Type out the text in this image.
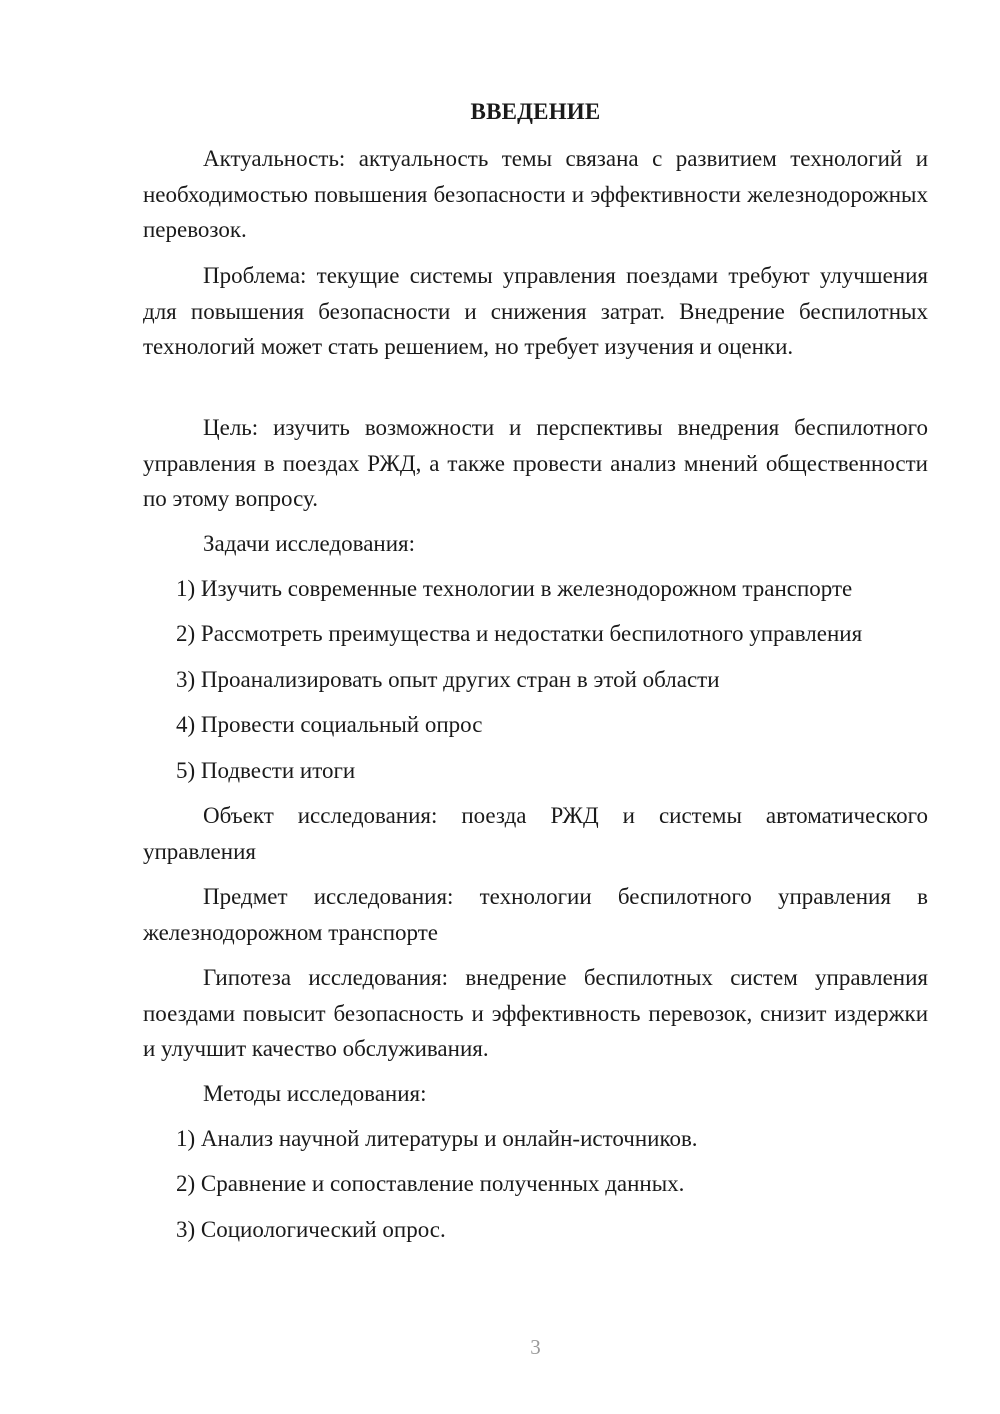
ВВЕДЕНИЕ

Актуальность: актуальность темы связана с развитием технологий и необходимостью повышения безопасности и эффективности железнодорожных перевозок.

Проблема: текущие системы управления поездами требуют улучшения для повышения безопасности и снижения затрат. Внедрение беспилотных технологий может стать решением, но требует изучения и оценки.

Цель: изучить возможности и перспективы внедрения беспилотного управления в поездах РЖД, а также провести анализ мнений общественности по этому вопросу.

Задачи исследования:
1) Изучить современные технологии в железнодорожном транспорте
2) Рассмотреть преимущества и недостатки беспилотного управления
3) Проанализировать опыт других стран в этой области
4) Провести социальный опрос
5) Подвести итоги

Объект исследования: поезда РЖД и системы автоматического управления

Предмет исследования: технологии беспилотного управления в железнодорожном транспорте

Гипотеза исследования: внедрение беспилотных систем управления поездами повысит безопасность и эффективность перевозок, снизит издержки и улучшит качество обслуживания.

Методы исследования:
1) Анализ научной литературы и онлайн-источников.
2) Сравнение и сопоставление полученных данных.
3) Социологический опрос.
3
